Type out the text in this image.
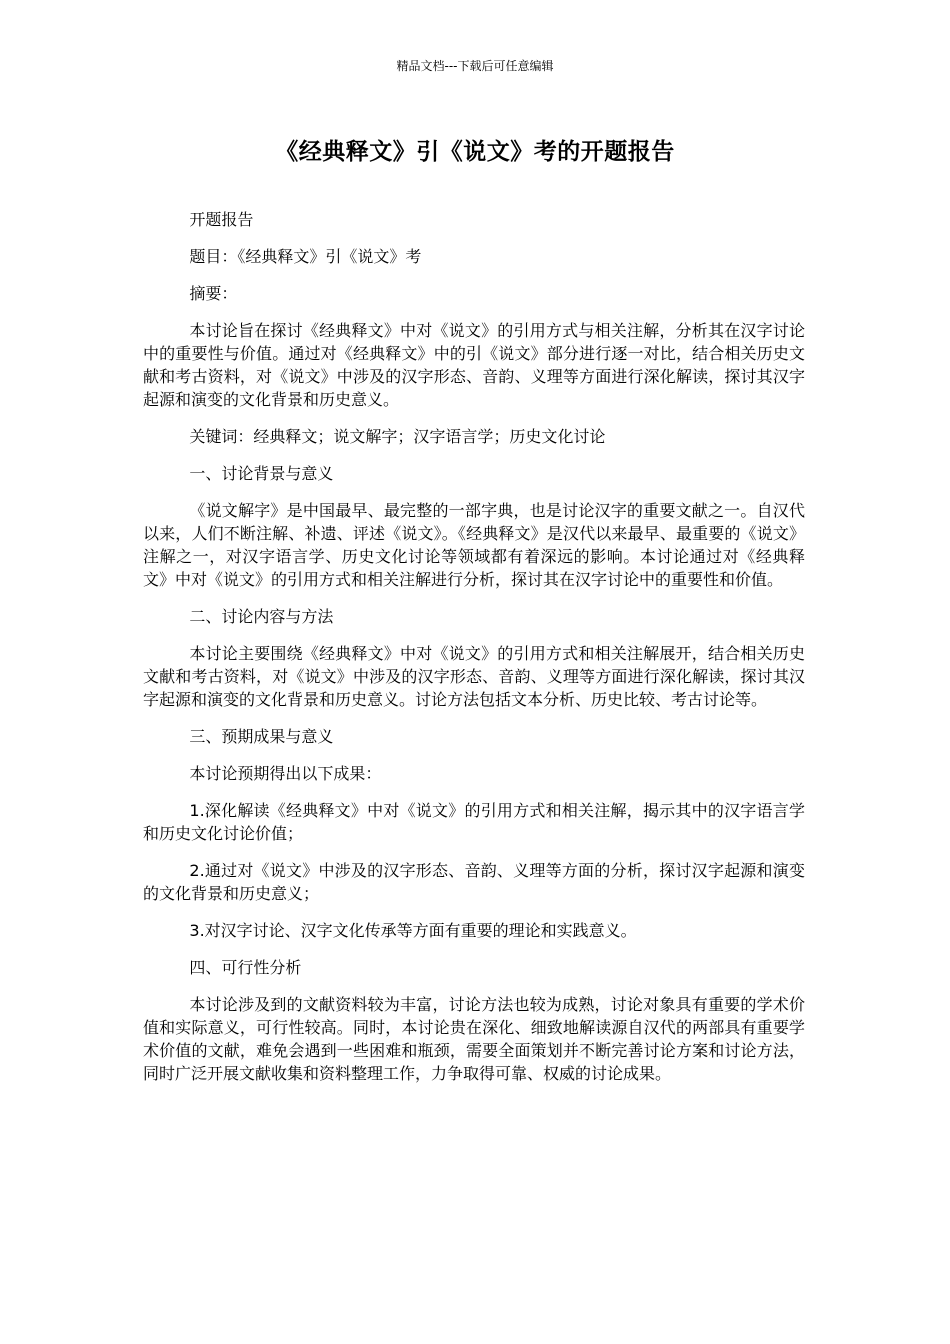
精品文档---下载后可任意编辑
《经典释文》引《说文》考的开题报告

开题报告

题目：《经典释文》引《说文》考

摘要：

本讨论旨在探讨《经典释文》中对《说文》的引用方式与相关注解，分析其在汉字讨论中的重要性与价值。通过对《经典释文》中的引《说文》部分进行逐一对比，结合相关历史文献和考古资料，对《说文》中涉及的汉字形态、音韵、义理等方面进行深化解读，探讨其汉字起源和演变的文化背景和历史意义。

关键词：经典释文；说文解字；汉字语言学；历史文化讨论

一、讨论背景与意义

《说文解字》是中国最早、最完整的一部字典，也是讨论汉字的重要文献之一。自汉代以来，人们不断注解、补遗、评述《说文》。《经典释文》是汉代以来最早、最重要的《说文》注解之一，对汉字语言学、历史文化讨论等领域都有着深远的影响。本讨论通过对《经典释文》中对《说文》的引用方式和相关注解进行分析，探讨其在汉字讨论中的重要性和价值。

二、讨论内容与方法

本讨论主要围绕《经典释文》中对《说文》的引用方式和相关注解展开，结合相关历史文献和考古资料，对《说文》中涉及的汉字形态、音韵、义理等方面进行深化解读，探讨其汉字起源和演变的文化背景和历史意义。讨论方法包括文本分析、历史比较、考古讨论等。

三、预期成果与意义

本讨论预期得出以下成果：

1.深化解读《经典释文》中对《说文》的引用方式和相关注解，揭示其中的汉字语言学和历史文化讨论价值；

2.通过对《说文》中涉及的汉字形态、音韵、义理等方面的分析，探讨汉字起源和演变的文化背景和历史意义；

3.对汉字讨论、汉字文化传承等方面有重要的理论和实践意义。

四、可行性分析

本讨论涉及到的文献资料较为丰富，讨论方法也较为成熟，讨论对象具有重要的学术价值和实际意义，可行性较高。同时，本讨论贵在深化、细致地解读源自汉代的两部具有重要学术价值的文献，难免会遇到一些困难和瓶颈，需要全面策划并不断完善讨论方案和讨论方法，同时广泛开展文献收集和资料整理工作，力争取得可靠、权威的讨论成果。
